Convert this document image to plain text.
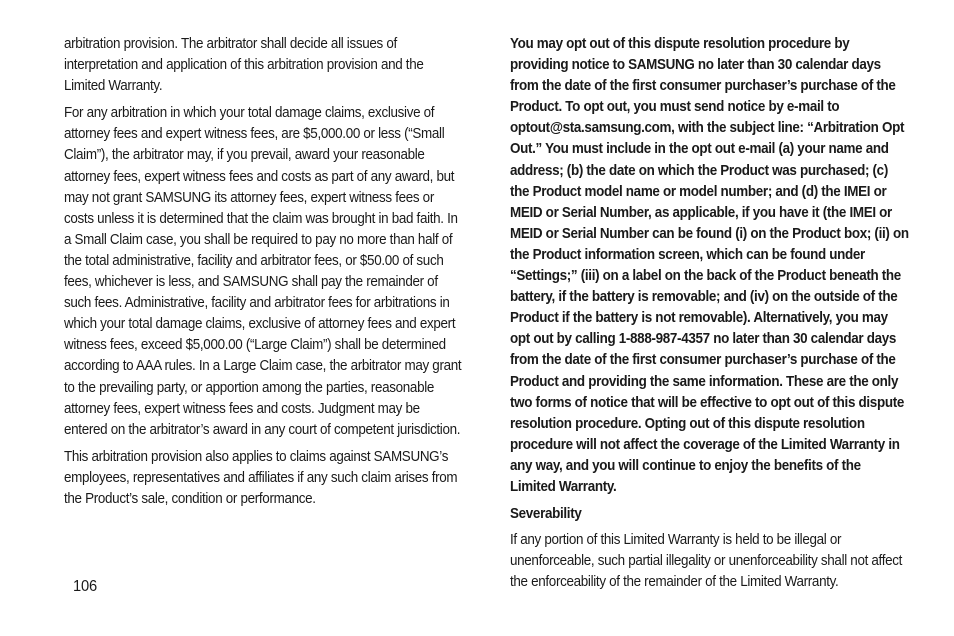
arbitration provision. The arbitrator shall decide all issues of interpretation and application of this arbitration provision and the Limited Warranty.

For any arbitration in which your total damage claims, exclusive of attorney fees and expert witness fees, are $5,000.00 or less (“Small Claim”), the arbitrator may, if you prevail, award your reasonable attorney fees, expert witness fees and costs as part of any award, but may not grant SAMSUNG its attorney fees, expert witness fees or costs unless it is determined that the claim was brought in bad faith. In a Small Claim case, you shall be required to pay no more than half of the total administrative, facility and arbitrator fees, or $50.00 of such fees, whichever is less, and SAMSUNG shall pay the remainder of such fees. Administrative, facility and arbitrator fees for arbitrations in which your total damage claims, exclusive of attorney fees and expert witness fees, exceed $5,000.00 (“Large Claim”) shall be determined according to AAA rules. In a Large Claim case, the arbitrator may grant to the prevailing party, or apportion among the parties, reasonable attorney fees, expert witness fees and costs. Judgment may be entered on the arbitrator’s award in any court of competent jurisdiction.

This arbitration provision also applies to claims against SAMSUNG’s employees, representatives and affiliates if any such claim arises from the Product’s sale, condition or performance.

You may opt out of this dispute resolution procedure by providing notice to SAMSUNG no later than 30 calendar days from the date of the first consumer purchaser’s purchase of the Product. To opt out, you must send notice by e-mail to optout@sta.samsung.com, with the subject line: “Arbitration Opt Out.” You must include in the opt out e-mail (a) your name and address; (b) the date on which the Product was purchased; (c) the Product model name or model number; and (d) the IMEI or MEID or Serial Number, as applicable, if you have it (the IMEI or MEID or Serial Number can be found (i) on the Product box; (ii) on the Product information screen, which can be found under “Settings;” (iii) on a label on the back of the Product beneath the battery, if the battery is removable; and (iv) on the outside of the Product if the battery is not removable). Alternatively, you may opt out by calling 1-888-987-4357 no later than 30 calendar days from the date of the first consumer purchaser’s purchase of the Product and providing the same information. These are the only two forms of notice that will be effective to opt out of this dispute resolution procedure. Opting out of this dispute resolution procedure will not affect the coverage of the Limited Warranty in any way, and you will continue to enjoy the benefits of the Limited Warranty.

Severability

If any portion of this Limited Warranty is held to be illegal or unenforceable, such partial illegality or unenforceability shall not affect the enforceability of the remainder of the Limited Warranty.

106
